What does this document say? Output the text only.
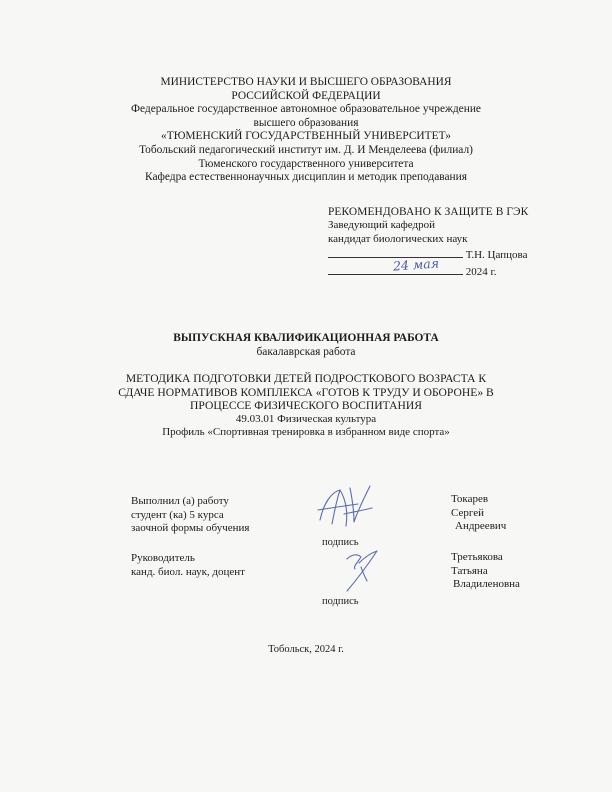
МИНИСТЕРСТВО НАУКИ И ВЫСШЕГО ОБРАЗОВАНИЯ
РОССИЙСКОЙ ФЕДЕРАЦИИ
Федеральное государственное автономное образовательное учреждение
высшего образования
«ТЮМЕНСКИЙ ГОСУДАРСТВЕННЫЙ УНИВЕРСИТЕТ»
Тобольский педагогический институт им. Д. И Менделеева (филиал)
Тюменского государственного университета
Кафедра естественнонаучных дисциплин и методик преподавания
РЕКОМЕНДОВАНО К ЗАЩИТЕ В ГЭК
Заведующий кафедрой
кандидат биологических наук
Т.Н. Цапцова
24 мая 2024 г.
ВЫПУСКНАЯ КВАЛИФИКАЦИОННАЯ РАБОТА
бакалаврская работа
МЕТОДИКА ПОДГОТОВКИ ДЕТЕЙ ПОДРОСТКОВОГО ВОЗРАСТА К
СДАЧЕ НОРМАТИВОВ КОМПЛЕКСА «ГОТОВ К ТРУДУ И ОБОРОНЕ» В
ПРОЦЕССЕ ФИЗИЧЕСКОГО ВОСПИТАНИЯ
49.03.01 Физическая культура
Профиль «Спортивная тренировка в избранном виде спорта»
Выполнил (а) работу
студент (ка) 5 курса
заочной формы обучения
подпись
Токарев
Сергей
Андреевич
Руководитель
канд. биол. наук, доцент
подпись
Третьякова
Татьяна
Владиленовна
Тобольск, 2024 г.
